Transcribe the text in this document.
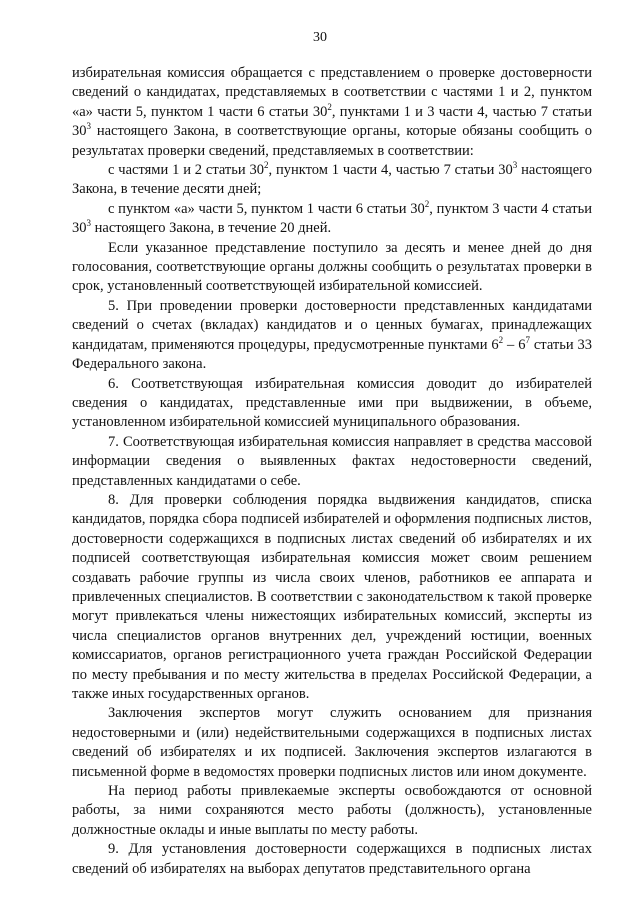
30

избирательная комиссия обращается с представлением о проверке достоверности сведений о кандидатах, представляемых в соответствии с частями 1 и 2, пунктом «а» части 5, пунктом 1 части 6 статьи $30^2$, пунктами 1 и 3 части 4, частью 7 статьи $30^3$ настоящего Закона, в соответствующие органы, которые обязаны сообщить о результатах проверки сведений, представляемых в соответствии:

с частями 1 и 2 статьи $30^2$, пунктом 1 части 4, частью 7 статьи $30^3$ настоящего Закона, в течение десяти дней;

с пунктом «а» части 5, пунктом 1 части 6 статьи $30^2$, пунктом 3 части 4 статьи $30^3$ настоящего Закона, в течение 20 дней.

Если указанное представление поступило за десять и менее дней до дня голосования, соответствующие органы должны сообщить о результатах проверки в срок, установленный соответствующей избирательной комиссией.

5. При проведении проверки достоверности представленных кандидатами сведений о счетах (вкладах) кандидатов и о ценных бумагах, принадлежащих кандидатам, применяются процедуры, предусмотренные пунктами $6^2 - 6^7$ статьи 33 Федерального закона.

6. Соответствующая избирательная комиссия доводит до избирателей сведения о кандидатах, представленные ими при выдвижении, в объеме, установленном избирательной комиссией муниципального образования.

7. Соответствующая избирательная комиссия направляет в средства массовой информации сведения о выявленных фактах недостоверности сведений, представленных кандидатами о себе.

8. Для проверки соблюдения порядка выдвижения кандидатов, списка кандидатов, порядка сбора подписей избирателей и оформления подписных листов, достоверности содержащихся в подписных листах сведений об избирателях и их подписей соответствующая избирательная комиссия может своим решением создавать рабочие группы из числа своих членов, работников ее аппарата и привлеченных специалистов. В соответствии с законодательством к такой проверке могут привлекаться члены нижестоящих избирательных комиссий, эксперты из числа специалистов органов внутренних дел, учреждений юстиции, военных комиссариатов, органов регистрационного учета граждан Российской Федерации по месту пребывания и по месту жительства в пределах Российской Федерации, а также иных государственных органов.

Заключения экспертов могут служить основанием для признания недостоверными и (или) недействительными содержащихся в подписных листах сведений об избирателях и их подписей. Заключения экспертов излагаются в письменной форме в ведомостях проверки подписных листов или ином документе.

На период работы привлекаемые эксперты освобождаются от основной работы, за ними сохраняются место работы (должность), установленные должностные оклады и иные выплаты по месту работы.

9. Для установления достоверности содержащихся в подписных листах сведений об избирателях на выборах депутатов представительного органа
